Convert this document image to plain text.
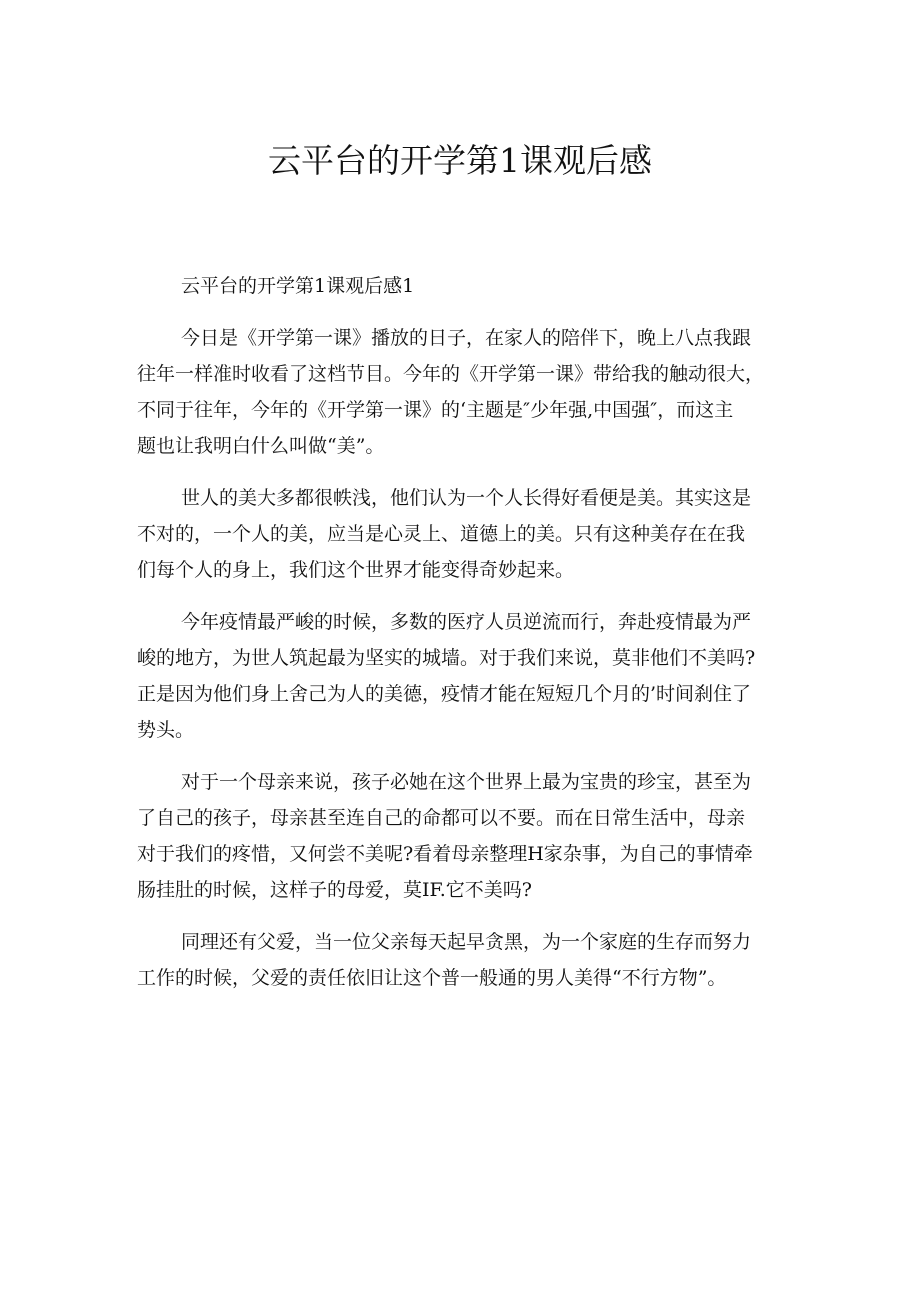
云平台的开学第1课观后感

云平台的开学第1课观后感1

今日是《开学第一课》播放的日子，在家人的陪伴下，晚上八点我跟
往年一样准时收看了这档节目。今年的《开学第一课》带给我的触动很大，
不同于往年，今年的《开学第一课》的‘主题是″少年强,中国强″，而这主
题也让我明白什么叫做“美”。

世人的美大多都很帙浅，他们认为一个人长得好看便是美。其实这是
不对的，一个人的美，应当是心灵上、道德上的美。只有这种美存在在我
们每个人的身上，我们这个世界才能变得奇妙起来。

今年疫情最严峻的时候，多数的医疗人员逆流而行，奔赴疫情最为严
峻的地方，为世人筑起最为坚实的城墙。对于我们来说，莫非他们不美吗?
正是因为他们身上舍己为人的美德，疫情才能在短短几个月的’时间刹住了
势头。

对于一个母亲来说，孩子必她在这个世界上最为宝贵的珍宝，甚至为
了自己的孩子，母亲甚至连自己的命都可以不要。而在日常生活中，母亲
对于我们的疼惜，又何尝不美呢?看着母亲整理H家杂事，为自己的事情牵
肠挂肚的时候，这样子的母爱，莫IF.它不美吗?

同理还有父爱，当一位父亲每天起早贪黑，为一个家庭的生存而努力
工作的时候，父爱的责任依旧让这个普一般通的男人美得“不行方物”。
